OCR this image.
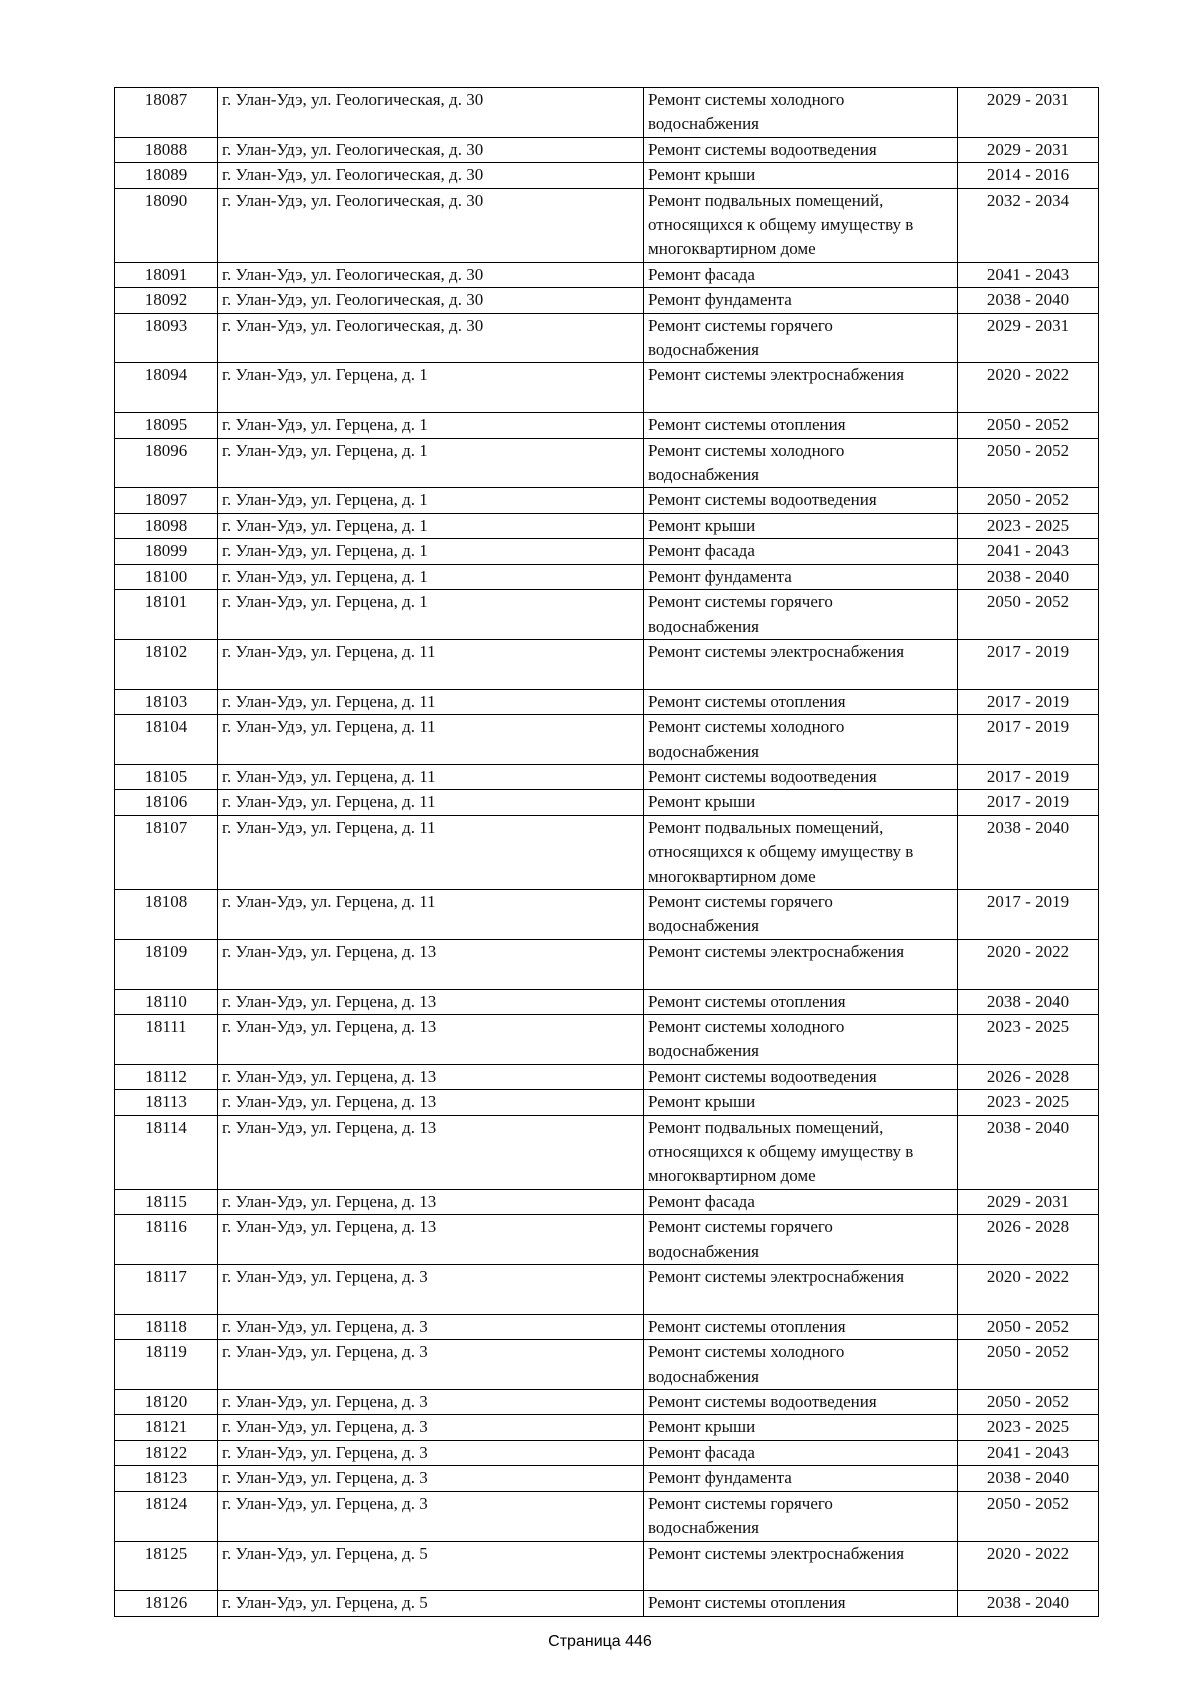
18087	г. Улан-Удэ, ул. Геологическая, д. 30	Ремонт системы холодного
водоснабжения	2029 - 2031
18088	г. Улан-Удэ, ул. Геологическая, д. 30	Ремонт системы водоотведения	2029 - 2031
18089	г. Улан-Удэ, ул. Геологическая, д. 30	Ремонт крыши	2014 - 2016
18090	г. Улан-Удэ, ул. Геологическая, д. 30	Ремонт подвальных помещений,
относящихся к общему имуществу в
многоквартирном доме	2032 - 2034
18091	г. Улан-Удэ, ул. Геологическая, д. 30	Ремонт фасада	2041 - 2043
18092	г. Улан-Удэ, ул. Геологическая, д. 30	Ремонт фундамента	2038 - 2040
18093	г. Улан-Удэ, ул. Геологическая, д. 30	Ремонт системы горячего
водоснабжения	2029 - 2031
18094	г. Улан-Удэ, ул. Герцена, д. 1	Ремонт системы электроснабжения	2020 - 2022
18095	г. Улан-Удэ, ул. Герцена, д. 1	Ремонт системы отопления	2050 - 2052
18096	г. Улан-Удэ, ул. Герцена, д. 1	Ремонт системы холодного
водоснабжения	2050 - 2052
18097	г. Улан-Удэ, ул. Герцена, д. 1	Ремонт системы водоотведения	2050 - 2052
18098	г. Улан-Удэ, ул. Герцена, д. 1	Ремонт крыши	2023 - 2025
18099	г. Улан-Удэ, ул. Герцена, д. 1	Ремонт фасада	2041 - 2043
18100	г. Улан-Удэ, ул. Герцена, д. 1	Ремонт фундамента	2038 - 2040
18101	г. Улан-Удэ, ул. Герцена, д. 1	Ремонт системы горячего
водоснабжения	2050 - 2052
18102	г. Улан-Удэ, ул. Герцена, д. 11	Ремонт системы электроснабжения	2017 - 2019
18103	г. Улан-Удэ, ул. Герцена, д. 11	Ремонт системы отопления	2017 - 2019
18104	г. Улан-Удэ, ул. Герцена, д. 11	Ремонт системы холодного
водоснабжения	2017 - 2019
18105	г. Улан-Удэ, ул. Герцена, д. 11	Ремонт системы водоотведения	2017 - 2019
18106	г. Улан-Удэ, ул. Герцена, д. 11	Ремонт крыши	2017 - 2019
18107	г. Улан-Удэ, ул. Герцена, д. 11	Ремонт подвальных помещений,
относящихся к общему имуществу в
многоквартирном доме	2038 - 2040
18108	г. Улан-Удэ, ул. Герцена, д. 11	Ремонт системы горячего
водоснабжения	2017 - 2019
18109	г. Улан-Удэ, ул. Герцена, д. 13	Ремонт системы электроснабжения	2020 - 2022
18110	г. Улан-Удэ, ул. Герцена, д. 13	Ремонт системы отопления	2038 - 2040
18111	г. Улан-Удэ, ул. Герцена, д. 13	Ремонт системы холодного
водоснабжения	2023 - 2025
18112	г. Улан-Удэ, ул. Герцена, д. 13	Ремонт системы водоотведения	2026 - 2028
18113	г. Улан-Удэ, ул. Герцена, д. 13	Ремонт крыши	2023 - 2025
18114	г. Улан-Удэ, ул. Герцена, д. 13	Ремонт подвальных помещений,
относящихся к общему имуществу в
многоквартирном доме	2038 - 2040
18115	г. Улан-Удэ, ул. Герцена, д. 13	Ремонт фасада	2029 - 2031
18116	г. Улан-Удэ, ул. Герцена, д. 13	Ремонт системы горячего
водоснабжения	2026 - 2028
18117	г. Улан-Удэ, ул. Герцена, д. 3	Ремонт системы электроснабжения	2020 - 2022
18118	г. Улан-Удэ, ул. Герцена, д. 3	Ремонт системы отопления	2050 - 2052
18119	г. Улан-Удэ, ул. Герцена, д. 3	Ремонт системы холодного
водоснабжения	2050 - 2052
18120	г. Улан-Удэ, ул. Герцена, д. 3	Ремонт системы водоотведения	2050 - 2052
18121	г. Улан-Удэ, ул. Герцена, д. 3	Ремонт крыши	2023 - 2025
18122	г. Улан-Удэ, ул. Герцена, д. 3	Ремонт фасада	2041 - 2043
18123	г. Улан-Удэ, ул. Герцена, д. 3	Ремонт фундамента	2038 - 2040
18124	г. Улан-Удэ, ул. Герцена, д. 3	Ремонт системы горячего
водоснабжения	2050 - 2052
18125	г. Улан-Удэ, ул. Герцена, д. 5	Ремонт системы электроснабжения	2020 - 2022
18126	г. Улан-Удэ, ул. Герцена, д. 5	Ремонт системы отопления	2038 - 2040
Страница 446
